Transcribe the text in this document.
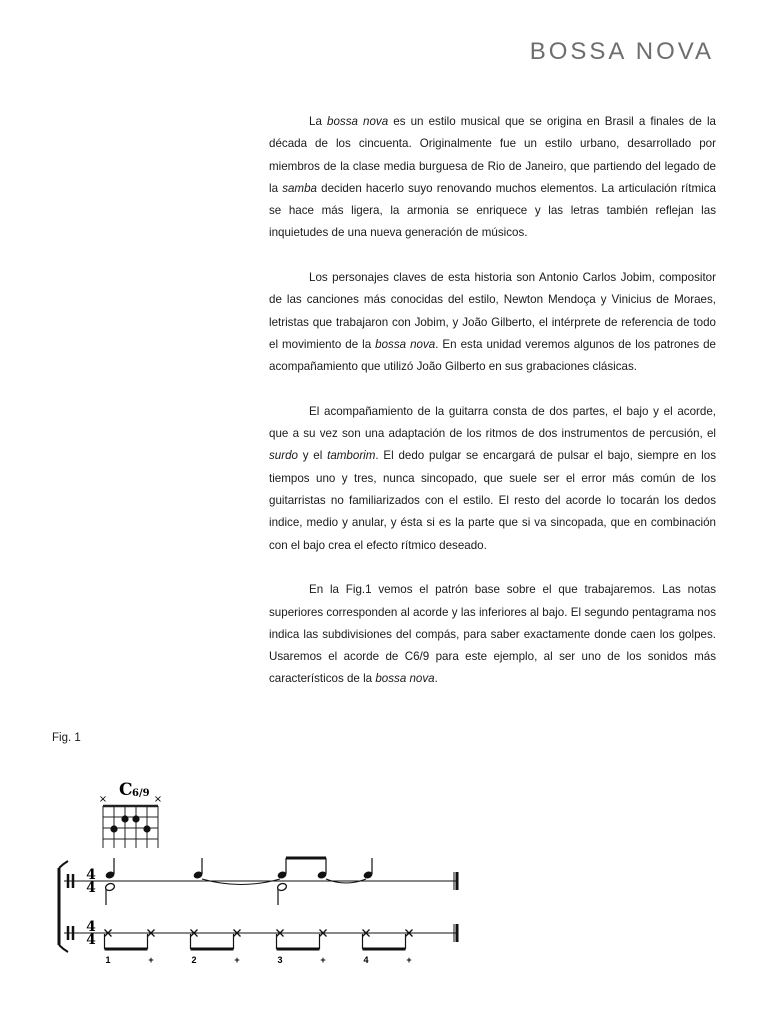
BOSSA NOVA

La bossa nova es un estilo musical que se origina en Brasil a finales de la década de los cincuenta. Originalmente fue un estilo urbano, desarrollado por miembros de la clase media burguesa de Rio de Janeiro, que partiendo del legado de la samba deciden hacerlo suyo renovando muchos elementos. La articulación rítmica se hace más ligera, la armonia se enriquece y las letras también reflejan las inquietudes de una nueva generación de músicos.

Los personajes claves de esta historia son Antonio Carlos Jobim, compositor de las canciones más conocidas del estilo, Newton Mendoça y Vinicius de Moraes, letristas que trabajaron con Jobim, y João Gilberto, el intérprete de referencia de todo el movimiento de la bossa nova. En esta unidad veremos algunos de los patrones de acompañamiento que utilizó João Gilberto en sus grabaciones clásicas.

El acompañamiento de la guitarra consta de dos partes, el bajo y el acorde, que a su vez son una adaptación de los ritmos de dos instrumentos de percusión, el surdo y el tamborim. El dedo pulgar se encargará de pulsar el bajo, siempre en los tiempos uno y tres, nunca sincopado, que suele ser el error más común de los guitarristas no familiarizados con el estilo. El resto del acorde lo tocarán los dedos indice, medio y anular, y ésta si es la parte que si va sincopada, que en combinación con el bajo crea el efecto rítmico deseado.

En la Fig.1 vemos el patrón base sobre el que trabajaremos. Las notas superiores corresponden al acorde y las inferiores al bajo. El segundo pentagrama nos indica las subdivisiones del compás, para saber exactamente donde caen los golpes. Usaremos el acorde de C6/9 para este ejemplo, al ser uno de los sonidos más característicos de la bossa nova.

Fig. 1
C 6/9
×	×
4
4
4
4
1	+	2	+	3	+	4	+
